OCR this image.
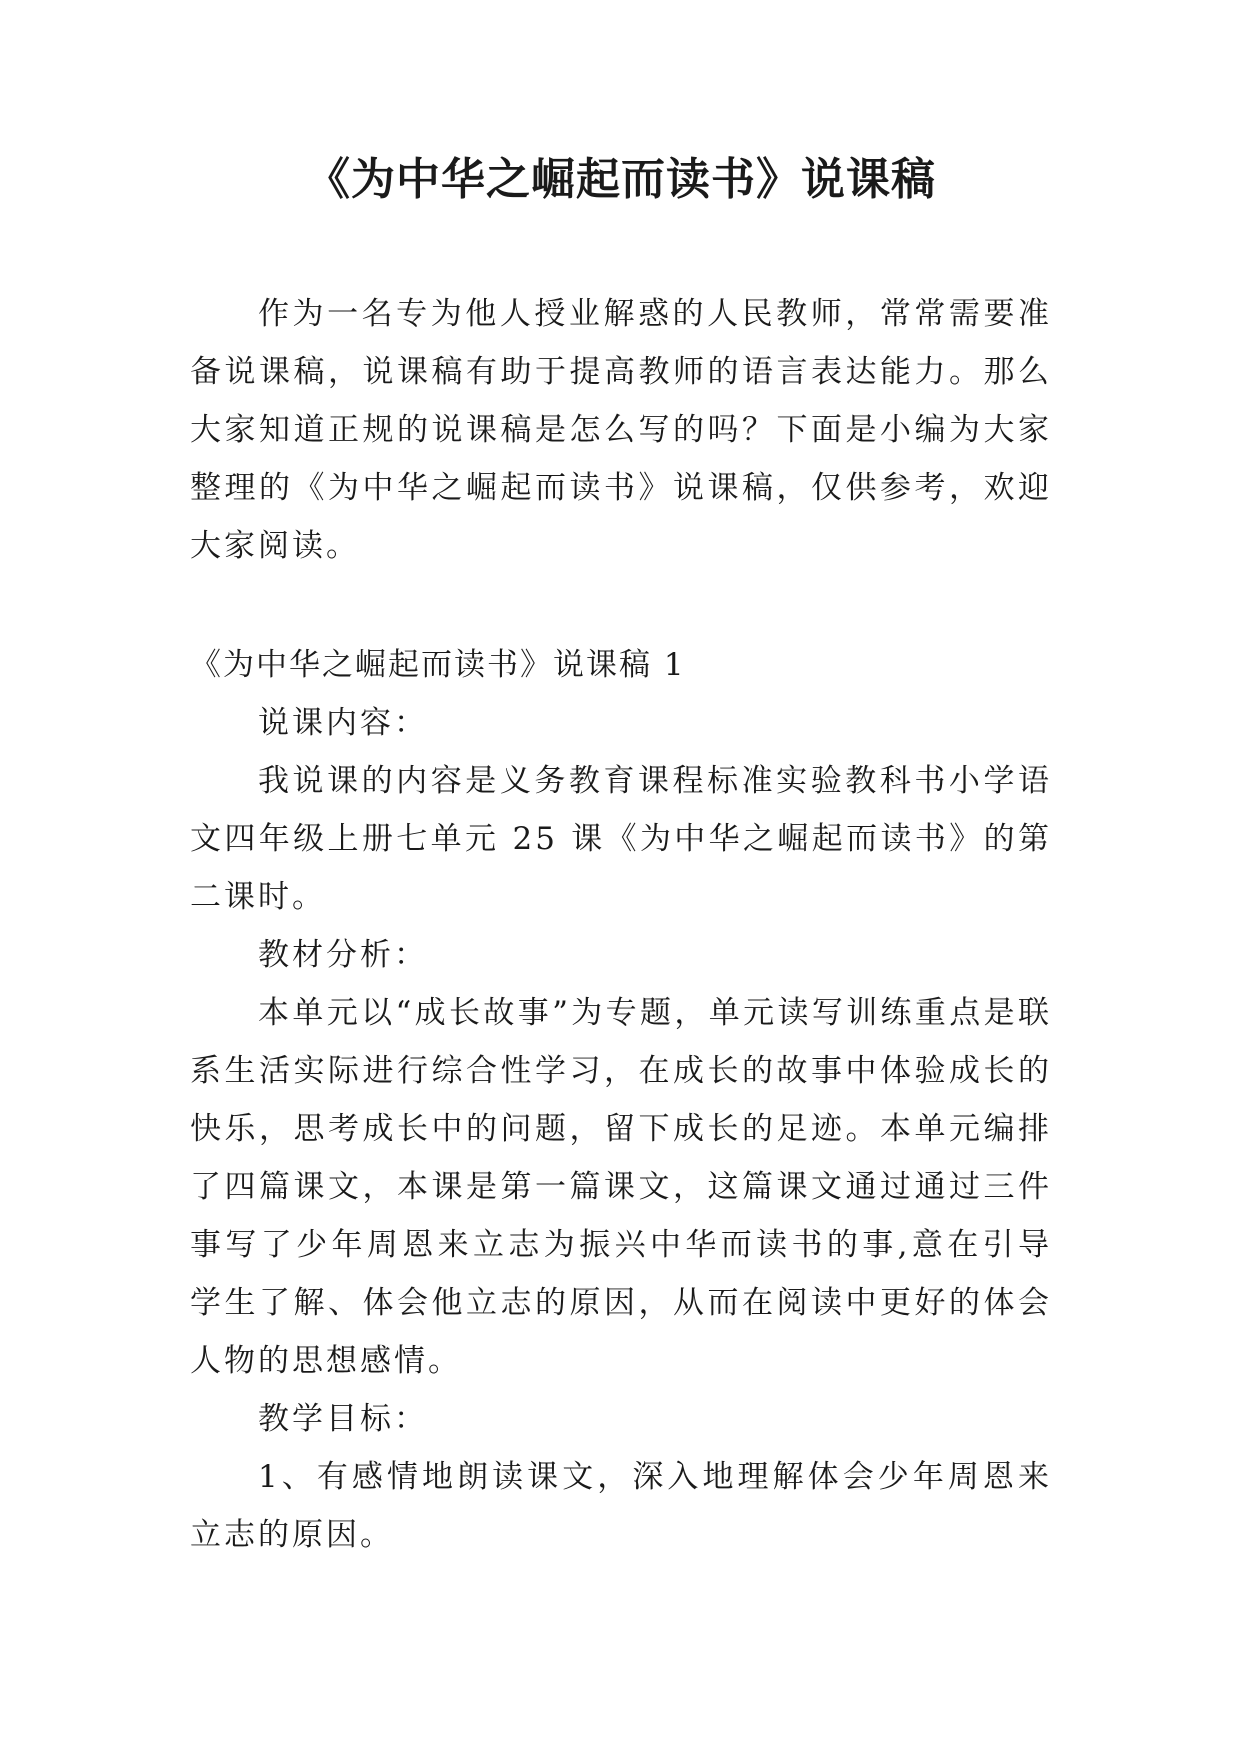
《为中华之崛起而读书》说课稿

作为一名专为他人授业解惑的人民教师，常常需要准备说课稿，说课稿有助于提高教师的语言表达能力。那么大家知道正规的说课稿是怎么写的吗？下面是小编为大家整理的《为中华之崛起而读书》说课稿，仅供参考，欢迎大家阅读。

《为中华之崛起而读书》说课稿 1

说课内容：

我说课的内容是义务教育课程标准实验教科书小学语文四年级上册七单元 25 课《为中华之崛起而读书》的第二课时。

教材分析：

本单元以“成长故事”为专题，单元读写训练重点是联系生活实际进行综合性学习，在成长的故事中体验成长的快乐，思考成长中的问题，留下成长的足迹。本单元编排了四篇课文，本课是第一篇课文，这篇课文通过通过三件事写了少年周恩来立志为振兴中华而读书的事,意在引导学生了解、体会他立志的原因，从而在阅读中更好的体会人物的思想感情。

教学目标：

1、有感情地朗读课文，深入地理解体会少年周恩来立志的原因。
